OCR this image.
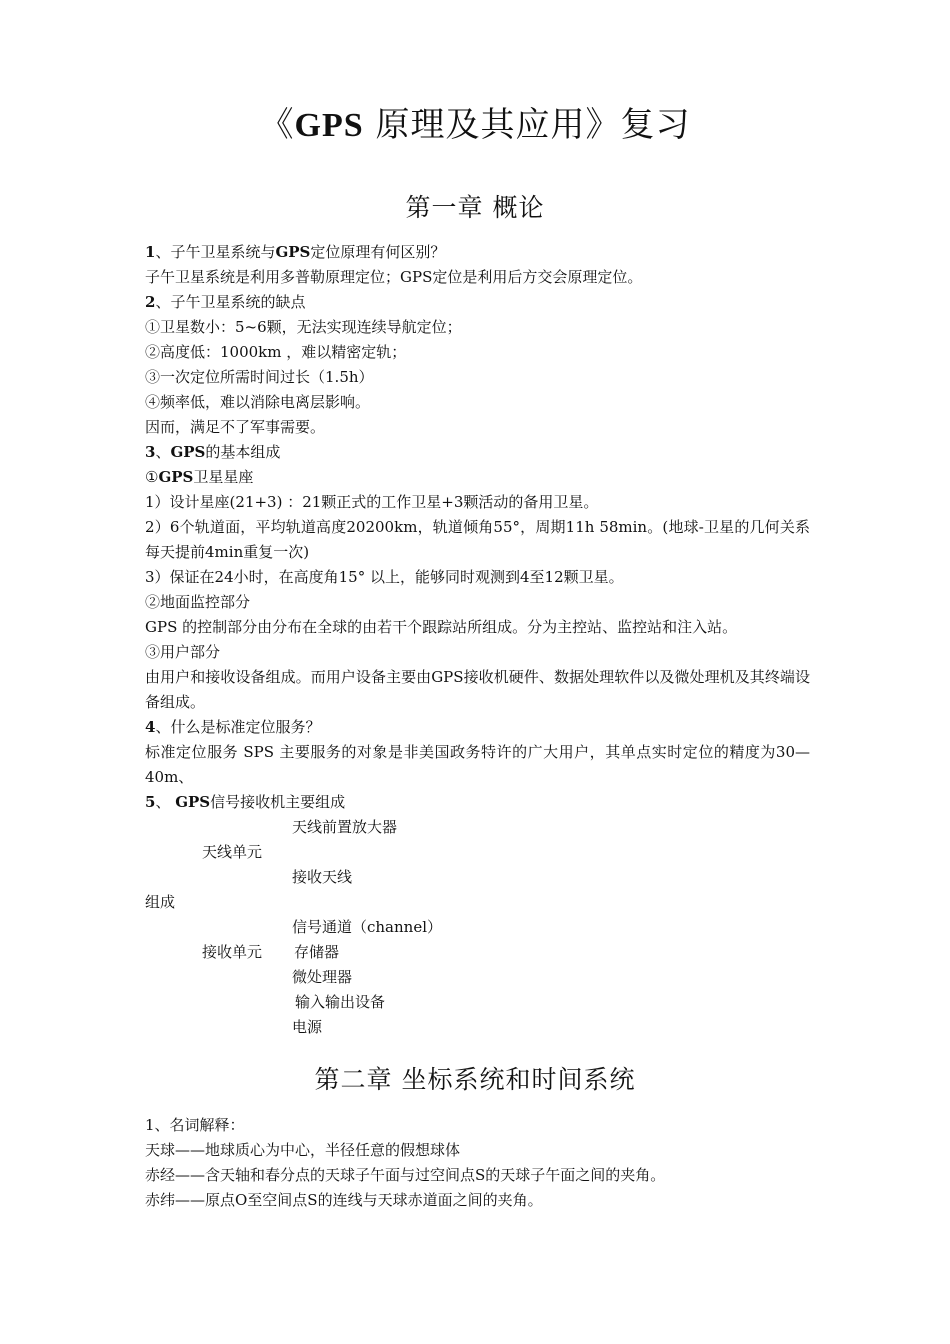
《GPS 原理及其应用》复习
第一章 概论
1、子午卫星系统与GPS定位原理有何区别？
子午卫星系统是利用多普勒原理定位；GPS定位是利用后方交会原理定位。
2、子午卫星系统的缺点
①卫星数小：5~6颗，无法实现连续导航定位；
②高度低：1000km ，难以精密定轨；
③一次定位所需时间过长（1.5h）
④频率低，难以消除电离层影响。
因而，满足不了军事需要。
3、GPS的基本组成
①GPS卫星星座
1）设计星座(21+3) ：21颗正式的工作卫星+3颗活动的备用卫星。
2）6个轨道面，平均轨道高度20200km，轨道倾角55°，周期11h 58min。(地球-卫星的几何关系每天提前4min重复一次)
3）保证在24小时，在高度角15° 以上，能够同时观测到4至12颗卫星。
②地面监控部分
GPS 的控制部分由分布在全球的由若干个跟踪站所组成。分为主控站、监控站和注入站。
③用户部分
由用户和接收设备组成。而用户设备主要由GPS接收机硬件、数据处理软件以及微处理机及其终端设备组成。
4、什么是标准定位服务？
标准定位服务 SPS 主要服务的对象是非美国政务特许的广大用户，其单点实时定位的精度为30—40m、
5、 GPS信号接收机主要组成
天线前置放大器
天线单元
接收天线
组成
信号通道（channel）
接收单元	存储器
微处理器
输入输出设备
电源
第二章 坐标系统和时间系统
1、名词解释：
天球——地球质心为中心，半径任意的假想球体
赤经——含天轴和春分点的天球子午面与过空间点S的天球子午面之间的夹角。
赤纬——原点O至空间点S的连线与天球赤道面之间的夹角。
